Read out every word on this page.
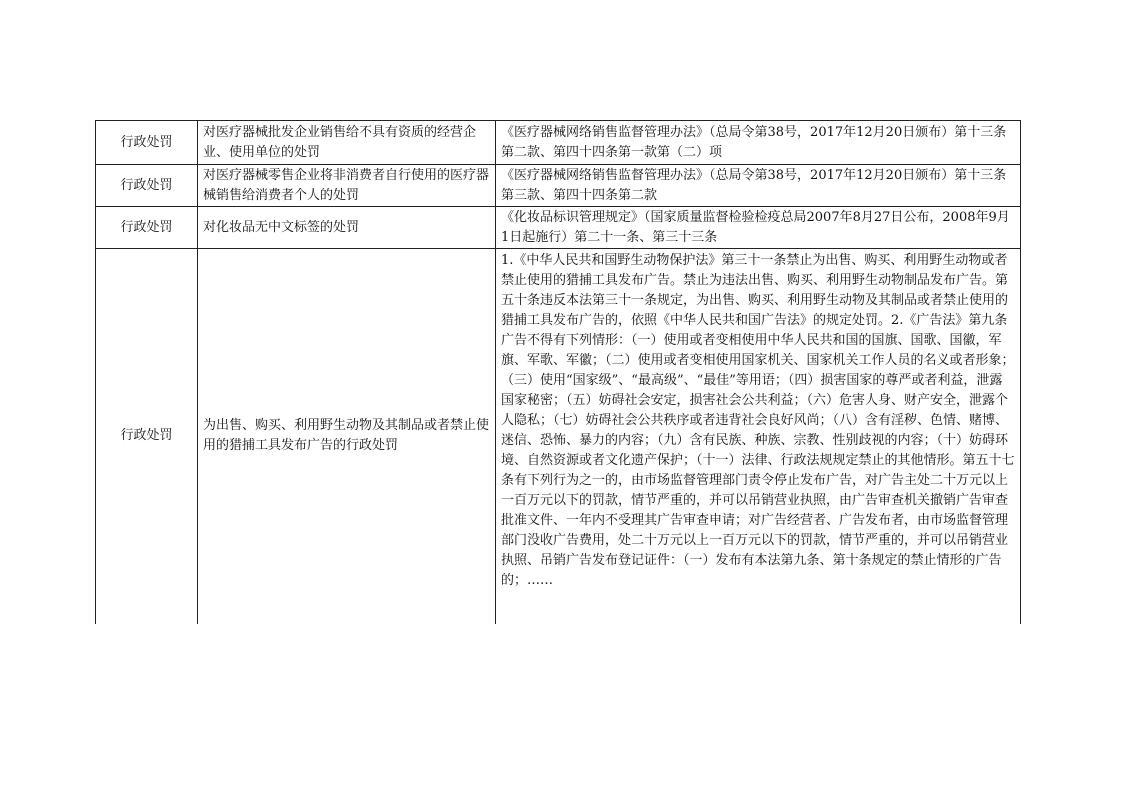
行政处罚	对医疗器械批发企业销售给不具有资质的经营企业、使用单位的处罚	《医疗器械网络销售监督管理办法》（总局令第38号，2017年12月20日颁布）第十三条第二款、第四十四条第一款第（二）项
行政处罚	对医疗器械零售企业将非消费者自行使用的医疗器械销售给消费者个人的处罚	《医疗器械网络销售监督管理办法》（总局令第38号，2017年12月20日颁布）第十三条第三款、第四十四条第二款
行政处罚	对化妆品无中文标签的处罚	《化妆品标识管理规定》（国家质量监督检验检疫总局2007年8月27日公布，2008年9月1日起施行）第二十一条、第三十三条
行政处罚	为出售、购买、利用野生动物及其制品或者禁止使用的猎捕工具发布广告的行政处罚	1.《中华人民共和国野生动物保护法》第三十一条禁止为出售、购买、利用野生动物或者禁止使用的猎捕工具发布广告。禁止为违法出售、购买、利用野生动物制品发布广告。第五十条违反本法第三十一条规定，为出售、购买、利用野生动物及其制品或者禁止使用的猎捕工具发布广告的，依照《中华人民共和国广告法》的规定处罚。2.《广告法》第九条广告不得有下列情形：（一）使用或者变相使用中华人民共和国的国旗、国歌、国徽，军旗、军歌、军徽；（二）使用或者变相使用国家机关、国家机关工作人员的名义或者形象；（三）使用“国家级”、“最高级”、“最佳”等用语；（四）损害国家的尊严或者利益，泄露国家秘密；（五）妨碍社会安定，损害社会公共利益；（六）危害人身、财产安全，泄露个人隐私；（七）妨碍社会公共秩序或者违背社会良好风尚；（八）含有淫秽、色情、赌博、迷信、恐怖、暴力的内容；（九）含有民族、种族、宗教、性别歧视的内容；（十）妨碍环境、自然资源或者文化遗产保护；（十一）法律、行政法规规定禁止的其他情形。第五十七条有下列行为之一的，由市场监督管理部门责令停止发布广告，对广告主处二十万元以上一百万元以下的罚款，情节严重的，并可以吊销营业执照，由广告审查机关撤销广告审查批准文件、一年内不受理其广告审查申请；对广告经营者、广告发布者，由市场监督管理部门没收广告费用，处二十万元以上一百万元以下的罚款，情节严重的，并可以吊销营业执照、吊销广告发布登记证件：（一）发布有本法第九条、第十条规定的禁止情形的广告的；……
